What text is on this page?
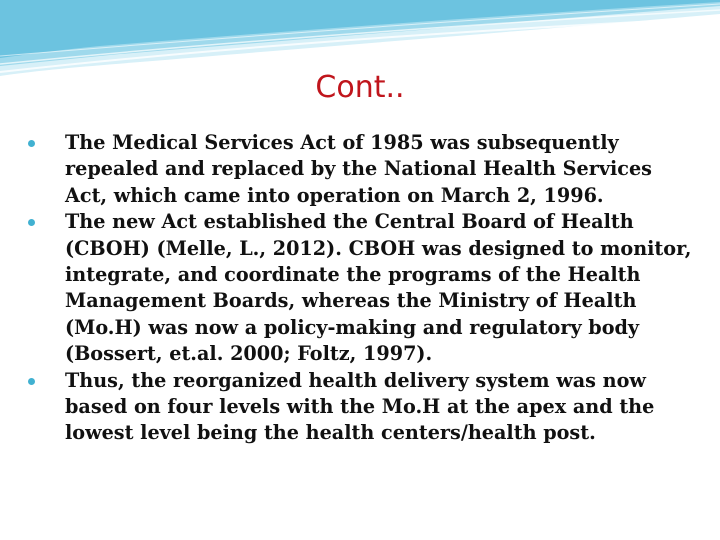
Cont..
The Medical Services Act of 1985 was subsequently repealed and replaced by the National Health Services Act, which came into operation on March 2, 1996.
The new Act established the Central Board of Health (CBOH) (Melle, L., 2012). CBOH was designed to monitor, integrate, and coordinate the programs of the Health Management Boards, whereas the Ministry of Health (Mo.H) was now a policy-making and regulatory body (Bossert, et.al. 2000; Foltz, 1997).
Thus, the reorganized health delivery system was now based on four levels with the Mo.H at the apex and the lowest level being the health centers/health post.
